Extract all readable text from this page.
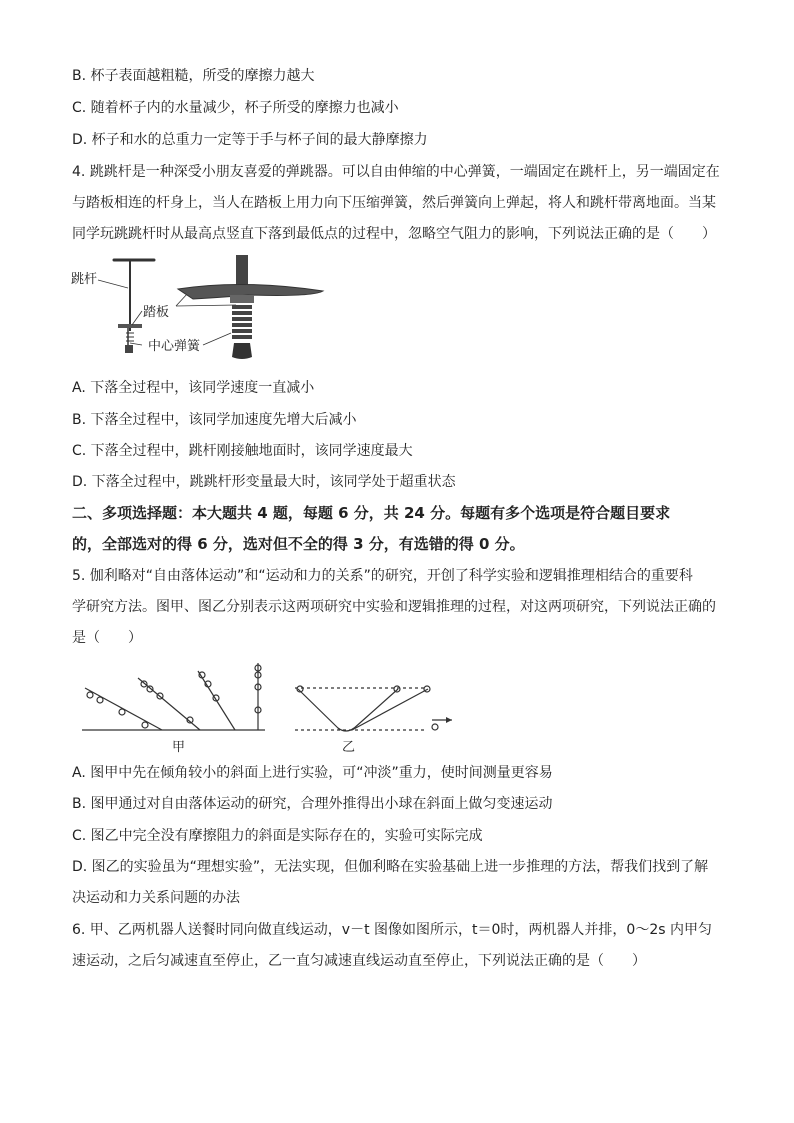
B. 杯子表面越粗糙，所受的摩擦力越大
C. 随着杯子内的水量减少，杯子所受的摩擦力也减小
D. 杯子和水的总重力一定等于手与杯子间的最大静摩擦力
4. 跳跳杆是一种深受小朋友喜爱的弹跳器。可以自由伸缩的中心弹簧，一端固定在跳杆上，另一端固定在
与踏板相连的杆身上，当人在踏板上用力向下压缩弹簧，然后弹簧向上弹起，将人和跳杆带离地面。当某
同学玩跳跳杆时从最高点竖直下落到最低点的过程中，忽略空气阻力的影响，下列说法正确的是（　　）
跳杆
踏板
中心弹簧
A. 下落全过程中，该同学速度一直减小
B. 下落全过程中，该同学加速度先增大后减小
C. 下落全过程中，跳杆刚接触地面时，该同学速度最大
D. 下落全过程中，跳跳杆形变量最大时，该同学处于超重状态
二、多项选择题：本大题共 4 题，每题 6 分，共 24 分。每题有多个选项是符合题目要求
的，全部选对的得 6 分，选对但不全的得 3 分，有选错的得 0 分。
5. 伽利略对“自由落体运动”和“运动和力的关系”的研究，开创了科学实验和逻辑推理相结合的重要科
学研究方法。图甲、图乙分别表示这两项研究中实验和逻辑推理的过程，对这两项研究，下列说法正确的
是（　　）
甲	乙
A. 图甲中先在倾角较小的斜面上进行实验，可“冲淡”重力，使时间测量更容易
B. 图甲通过对自由落体运动的研究，合理外推得出小球在斜面上做匀变速运动
C. 图乙中完全没有摩擦阻力的斜面是实际存在的，实验可实际完成
D. 图乙的实验虽为“理想实验”，无法实现，但伽利略在实验基础上进一步推理的方法，帮我们找到了解
决运动和力关系问题的办法
6. 甲、乙两机器人送餐时同向做直线运动，v－t 图像如图所示，t＝0时，两机器人并排，0～2s 内甲匀
速运动，之后匀减速直至停止，乙一直匀减速直线运动直至停止，下列说法正确的是（　　）
